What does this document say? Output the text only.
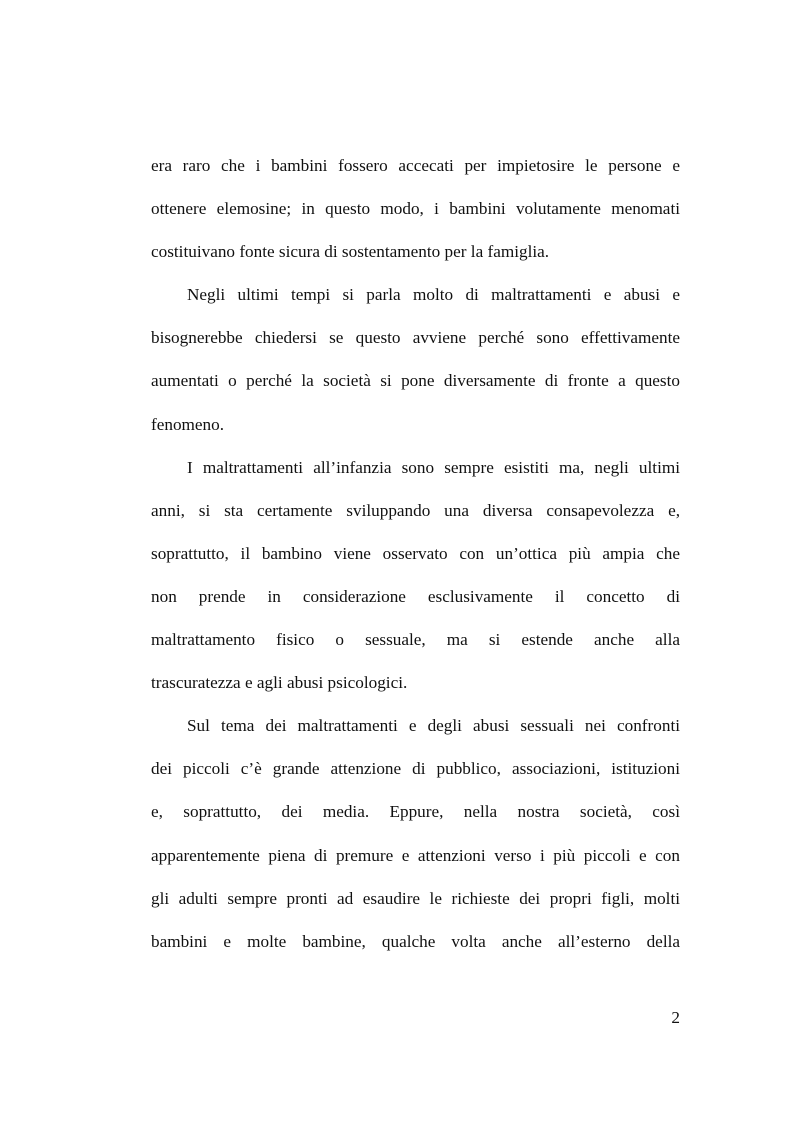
era raro che i bambini fossero accecati per impietosire le persone e
ottenere elemosine; in questo modo, i bambini volutamente menomati
costituivano fonte sicura di sostentamento per la famiglia.
Negli ultimi tempi si parla molto di maltrattamenti e abusi e
bisognerebbe chiedersi se questo avviene perché sono effettivamente
aumentati o perché la società si pone diversamente di fronte a questo
fenomeno.
I maltrattamenti all’infanzia sono sempre esistiti ma, negli ultimi
anni, si sta certamente sviluppando una diversa consapevolezza e,
soprattutto, il bambino viene osservato con un’ottica più ampia che
non prende in considerazione esclusivamente il concetto di
maltrattamento fisico o sessuale, ma si estende anche alla
trascuratezza e agli abusi psicologici.
Sul tema dei maltrattamenti e degli abusi sessuali nei confronti
dei piccoli c’è grande attenzione di pubblico, associazioni, istituzioni
e, soprattutto, dei media. Eppure, nella nostra società, così
apparentemente piena di premure e attenzioni verso i più piccoli e con
gli adulti sempre pronti ad esaudire le richieste dei propri figli, molti
bambini e molte bambine, qualche volta anche all’esterno della
2
